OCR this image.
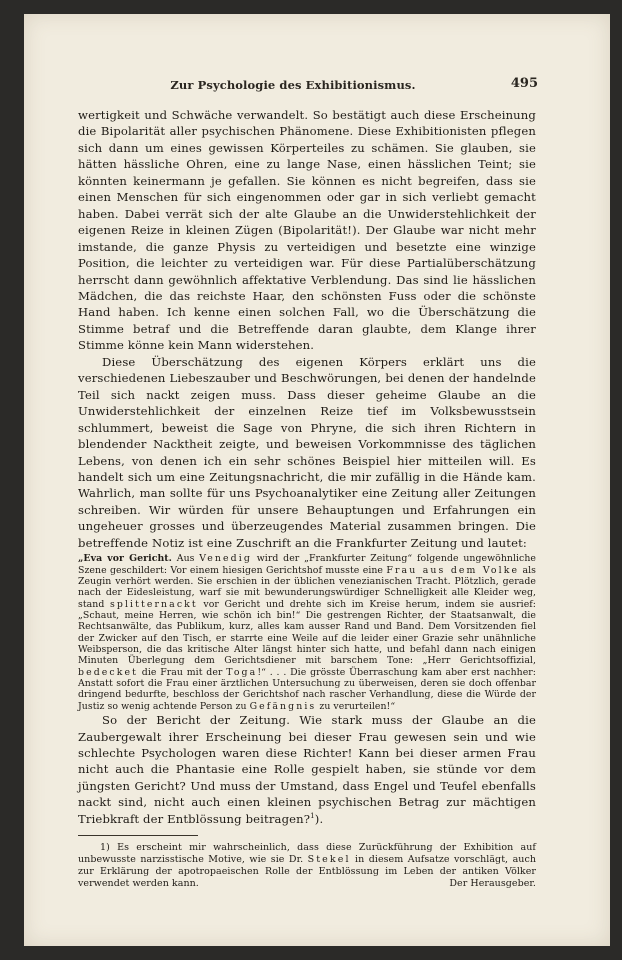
Zur Psychologie des Exhibitionismus.	495

wertigkeit und Schwäche verwandelt. So bestätigt auch diese Erscheinung die Bipolarität aller psychischen Phänomene. Diese Exhibitionisten pflegen sich dann um eines gewissen Körperteiles zu schämen. Sie glauben, sie hätten hässliche Ohren, eine zu lange Nase, einen hässlichen Teint; sie könnten keinermann je gefallen. Sie können es nicht begreifen, dass sie einen Menschen für sich eingenommen oder gar in sich verliebt gemacht haben. Dabei verrät sich der alte Glaube an die Unwiderstehlichkeit der eigenen Reize in kleinen Zügen (Bipolarität!). Der Glaube war nicht mehr imstande, die ganze Physis zu verteidigen und besetzte eine winzige Position, die leichter zu verteidigen war. Für diese Partialüberschätzung herrscht dann gewöhnlich affektative Verblendung. Das sind lie hässlichen Mädchen, die das reichste Haar, den schönsten Fuss oder die schönste Hand haben. Ich kenne einen solchen Fall, wo die Überschätzung die Stimme betraf und die Betreffende daran glaubte, dem Klange ihrer Stimme könne kein Mann widerstehen.

Diese Überschätzung des eigenen Körpers erklärt uns die verschiedenen Liebeszauber und Beschwörungen, bei denen der handelnde Teil sich nackt zeigen muss. Dass dieser geheime Glaube an die Unwiderstehlichkeit der einzelnen Reize tief im Volksbewusstsein schlummert, beweist die Sage von Phryne, die sich ihren Richtern in blendender Nacktheit zeigte, und beweisen Vorkommnisse des täglichen Lebens, von denen ich ein sehr schönes Beispiel hier mitteilen will. Es handelt sich um eine Zeitungsnachricht, die mir zufällig in die Hände kam. Wahrlich, man sollte für uns Psychoanalytiker eine Zeitung aller Zeitungen schreiben. Wir würden für unsere Behauptungen und Erfahrungen ein ungeheuer grosses und überzeugendes Material zusammen bringen. Die betreffende Notiz ist eine Zuschrift an die Frankfurter Zeitung und lautet:

„Eva vor Gericht. Aus Venedig wird der „Frankfurter Zeitung“ folgende ungewöhnliche Szene geschildert: Vor einem hiesigen Gerichtshof musste eine Frau aus dem Volke als Zeugin verhört werden. Sie erschien in der üblichen venezianischen Tracht. Plötzlich, gerade nach der Eidesleistung, warf sie mit bewunderungswürdiger Schnelligkeit alle Kleider weg, stand splitternackt vor Gericht und drehte sich im Kreise herum, indem sie ausrief: „Schaut, meine Herren, wie schön ich bin!“ Die gestrengen Richter, der Staatsanwalt, die Rechtsanwälte, das Publikum, kurz, alles kam ausser Rand und Band. Dem Vorsitzenden fiel der Zwicker auf den Tisch, er starrte eine Weile auf die leider einer Grazie sehr unähnliche Weibsperson, die das kritische Alter längst hinter sich hatte, und befahl dann nach einigen Minuten Überlegung dem Gerichtsdiener mit barschem Tone: „Herr Gerichtsoffizial, bedecket die Frau mit der Toga!“ . . . Die grösste Überraschung kam aber erst nachher: Anstatt sofort die Frau einer ärztlichen Untersuchung zu überweisen, deren sie doch offenbar dringend bedurfte, beschloss der Gerichtshof nach rascher Verhandlung, diese die Würde der Justiz so wenig achtende Person zu Gefängnis zu verurteilen!“

So der Bericht der Zeitung. Wie stark muss der Glaube an die Zaubergewalt ihrer Erscheinung bei dieser Frau gewesen sein und wie schlechte Psychologen waren diese Richter! Kann bei dieser armen Frau nicht auch die Phantasie eine Rolle gespielt haben, sie stünde vor dem jüngsten Gericht? Und muss der Umstand, dass Engel und Teufel ebenfalls nackt sind, nicht auch einen kleinen psychischen Betrag zur mächtigen Triebkraft der Entblössung beitragen?$^1$).

1) Es erscheint mir wahrscheinlich, dass diese Zurückführung der Exhibition auf unbewusste narzisstische Motive, wie sie Dr. Stekel in diesem Aufsatze vorschlägt, auch zur Erklärung der apotropaeischen Rolle der Entblössung im Leben der antiken Völker verwendet werden kann.	Der Herausgeber.
